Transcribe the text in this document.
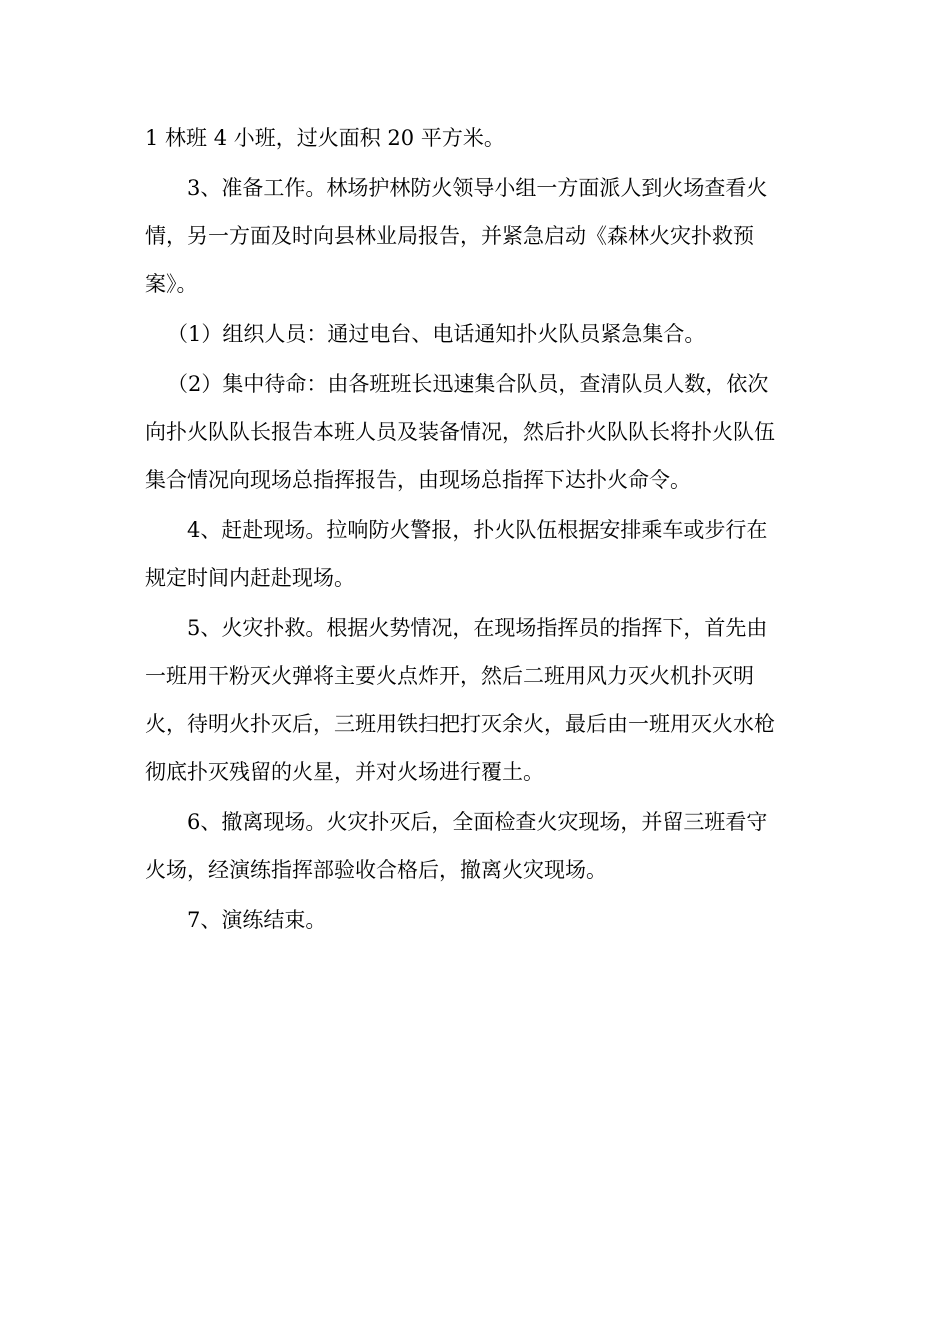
1 林班 4 小班，过火面积 20 平方米。

3、准备工作。林场护林防火领导小组一方面派人到火场查看火
情，另一方面及时向县林业局报告，并紧急启动《森林火灾扑救预
案》。

（1）组织人员：通过电台、电话通知扑火队员紧急集合。

（2）集中待命：由各班班长迅速集合队员，查清队员人数，依次
向扑火队队长报告本班人员及装备情况，然后扑火队队长将扑火队伍
集合情况向现场总指挥报告，由现场总指挥下达扑火命令。

4、赶赴现场。拉响防火警报，扑火队伍根据安排乘车或步行在
规定时间内赶赴现场。

5、火灾扑救。根据火势情况，在现场指挥员的指挥下，首先由
一班用干粉灭火弹将主要火点炸开，然后二班用风力灭火机扑灭明
火，待明火扑灭后，三班用铁扫把打灭余火，最后由一班用灭火水枪
彻底扑灭残留的火星，并对火场进行覆土。

6、撤离现场。火灾扑灭后，全面检查火灾现场，并留三班看守
火场，经演练指挥部验收合格后，撤离火灾现场。

7、演练结束。
